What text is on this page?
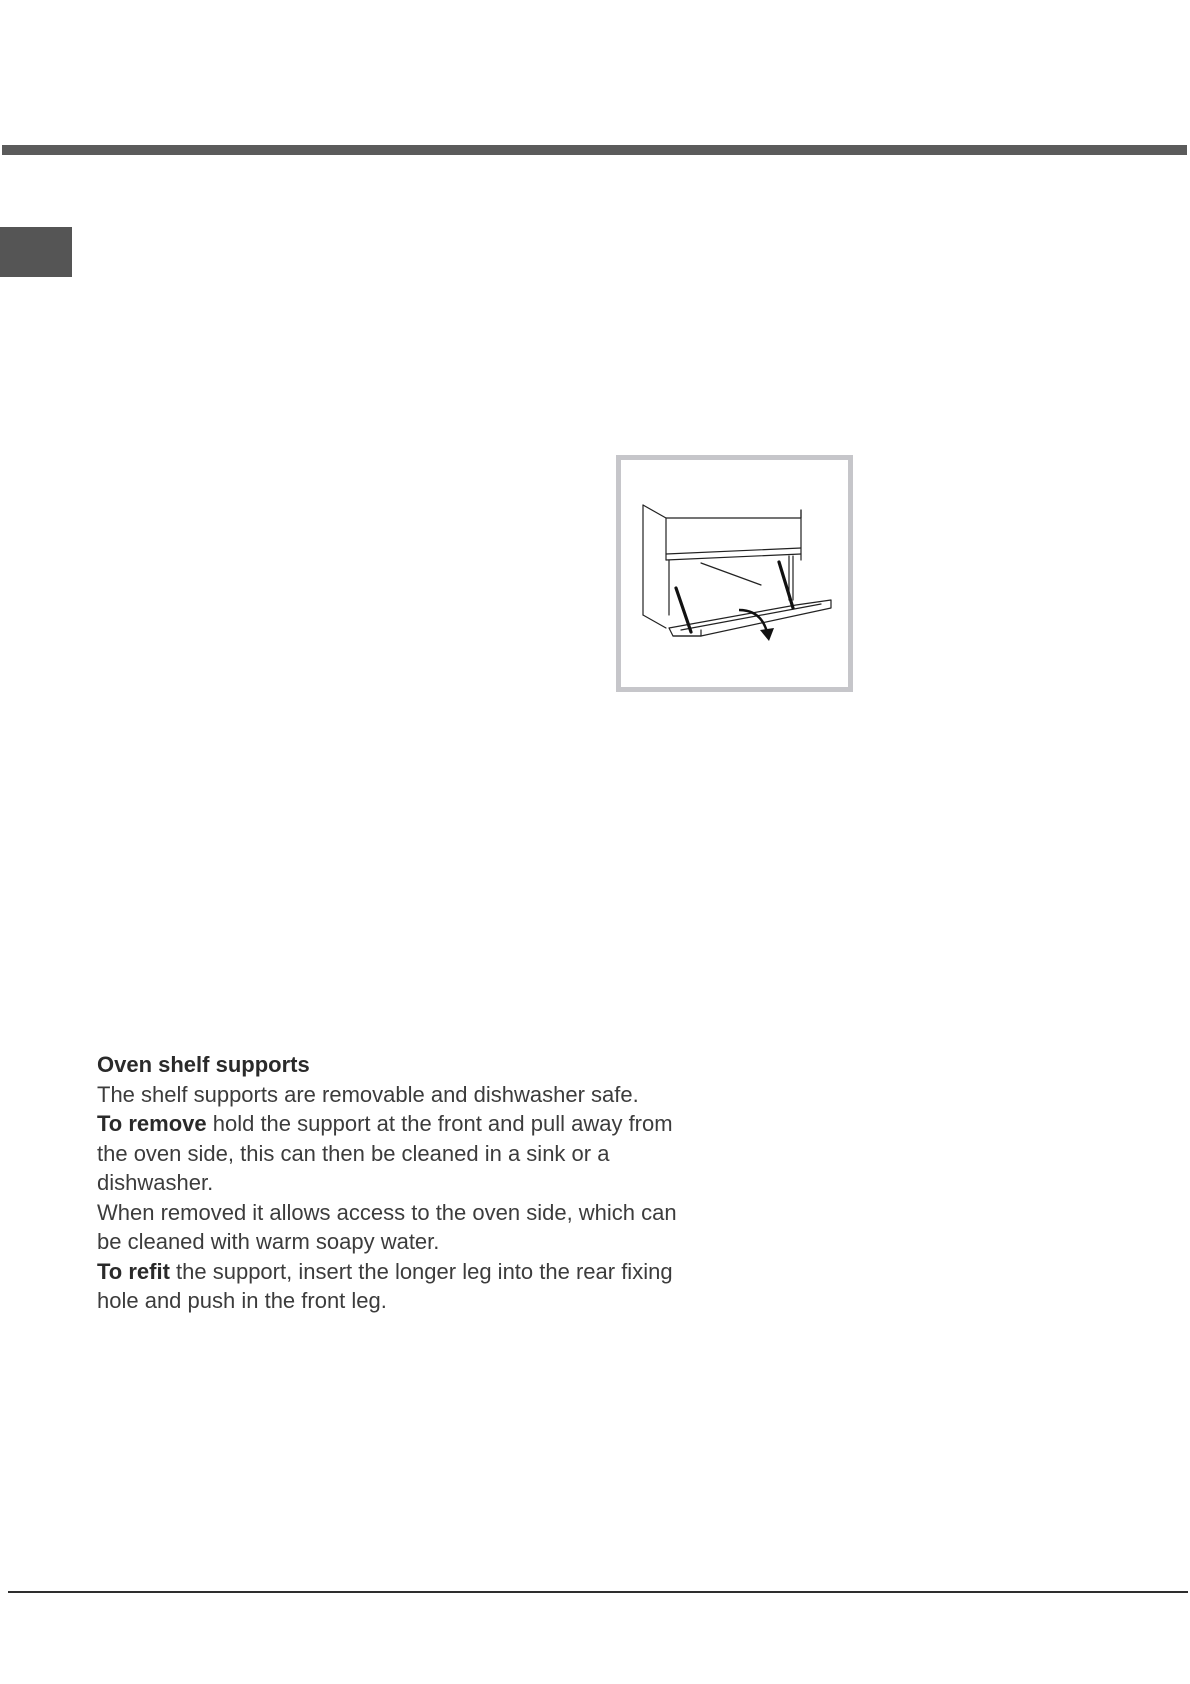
Oven shelf supports

The shelf supports are removable and dishwasher safe.

To remove hold the support at the front and pull away from the oven side, this can then be cleaned in a sink or a dishwasher.

When removed it allows access to the oven side, which can be cleaned with warm soapy water.

To refit the support, insert the longer leg into the rear fixing hole and push in the front leg.
